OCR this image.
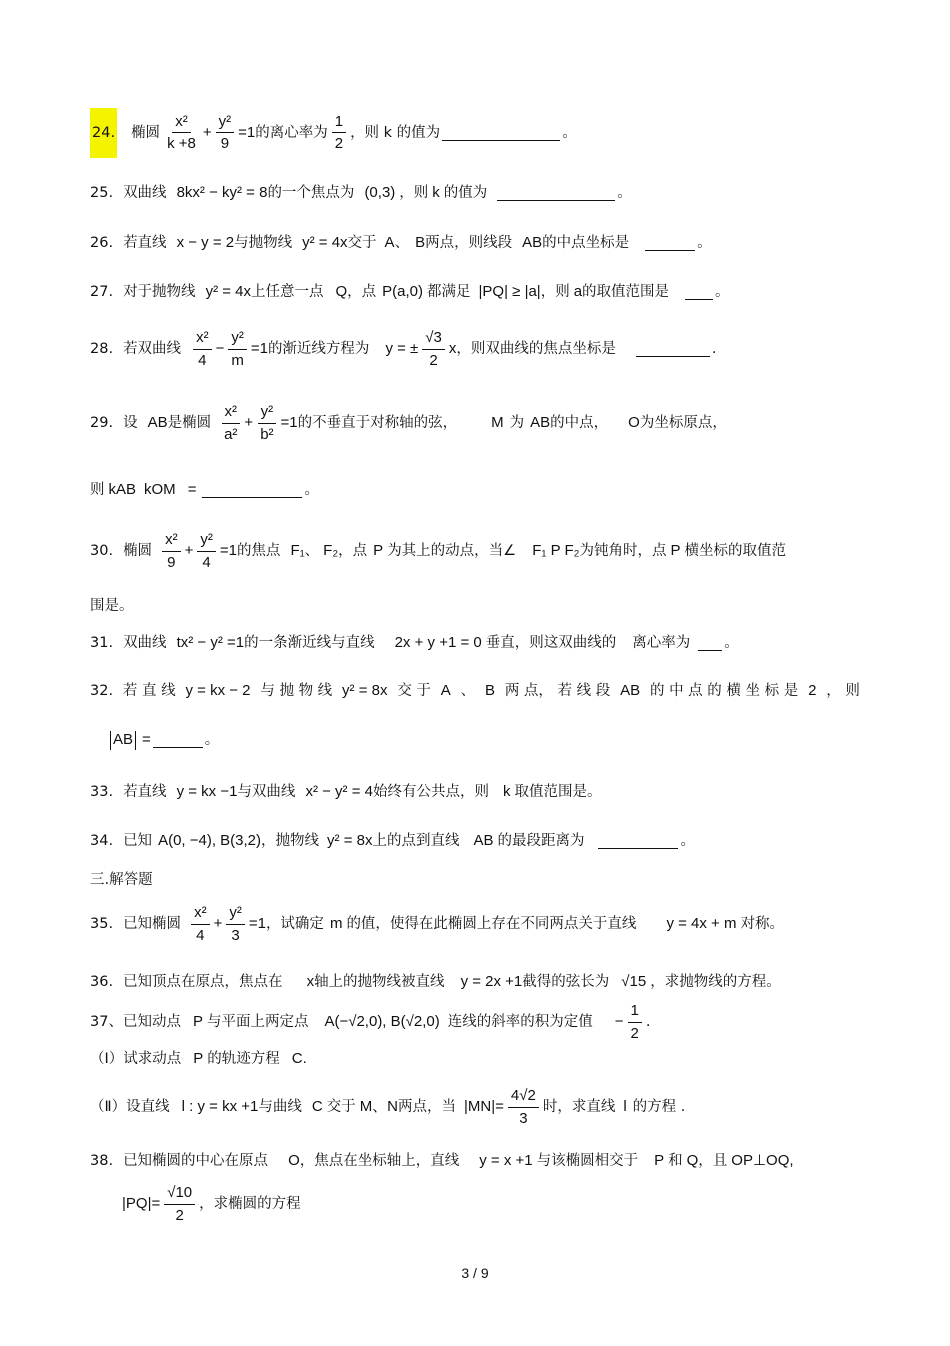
24. 椭圆 $\frac{\text{x²}}{k +8} + \frac{\text{y²}}{9} =1$ 的离心率为 $\frac{1}{2}$ ，则 k 的值为	。
25. 双曲线 8kx² − ky² = 8 的一个焦点为 (0,3) ，则 k 的值为	。
26. 若直线 x − y = 2 与抛物线 y² = 4x 交于 A 、 B 两点，则线段 AB 的中点坐标是	。
27. 对于抛物线 y² = 4x 上任意一点 Q ，点 P(a,0) 都满足 |PQ| ≥ |a| ，则 a 的取值范围是	。
28. 若双曲线 $\frac{\text{x²}}{4} - \frac{\text{y²}}{m} =1$ 的渐近线方程为 y = ± $\frac{√3}{2}$ x ，则双曲线的焦点坐标是	.
29. 设 AB 是椭圆 $\frac{\text{x²}}{\text{a²}} + \frac{\text{y²}}{\text{b²}} =1$ 的不垂直于对称轴的弦， M 为 AB 的中点， O 为坐标原点，
则 k AB k OM =	。
30. 椭圆 $\frac{\text{x²}}{9} + \frac{\text{y²}}{4} =1$ 的焦点 F₁ 、 F₂ ，点 P 为其上的动点，当∠ F₁ P F₂ 为钝角时，点 P 横坐标的取值范
围是。
31. 双曲线 tx² − y² =1 的一条渐近线与直线 2x + y +1 = 0 垂直，则这双曲线的 离心率为 。
32. 若 直 线 y = kx − 2 与 抛 物 线 y² = 8x 交 于 A 、 B 两 点， 若 线 段 AB 的 中 点 的 横 坐 标 是 2 ， 则
AB =	。
33. 若直线 y = kx −1 与双曲线 x² − y² = 4 始终有公共点，则 k 取值范围是。
34. 已知 A(0, −4), B(3,2) ，抛物线 y² = 8x 上的点到直线 AB 的最段距离为	。
三.解答题
35. 已知椭圆 $\frac{\text{x²}}{4} + \frac{\text{y²}}{3} =1$ ，试确定 m 的值，使得在此椭圆上存在不同两点关于直线 y = 4x + m 对称。
36. 已知顶点在原点，焦点在 x 轴上的抛物线被直线 y = 2x +1 截得的弦长为 √15 ，求抛物线的方程。
37、 已知动点 P 与平面上两定点 A(−√2,0), B(√2,0) 连线的斜率的积为定值 − $\frac{1}{2}$ .
（Ⅰ）试求动点 P 的轨迹方程 C.
（Ⅱ）设直线 l : y = kx +1 与曲线 C 交于 M、N 两点，当 $|MN|= \frac{4√2}{3}$ 时，求直线 l 的方程 .
38. 已知椭圆的中心在原点 O ，焦点在坐标轴上，直线 y = x +1 与该椭圆相交于 P 和 Q ，且 OP⊥OQ,
$|PQ|= \frac{√10}{2}$ ，求椭圆的方程
3 / 9
